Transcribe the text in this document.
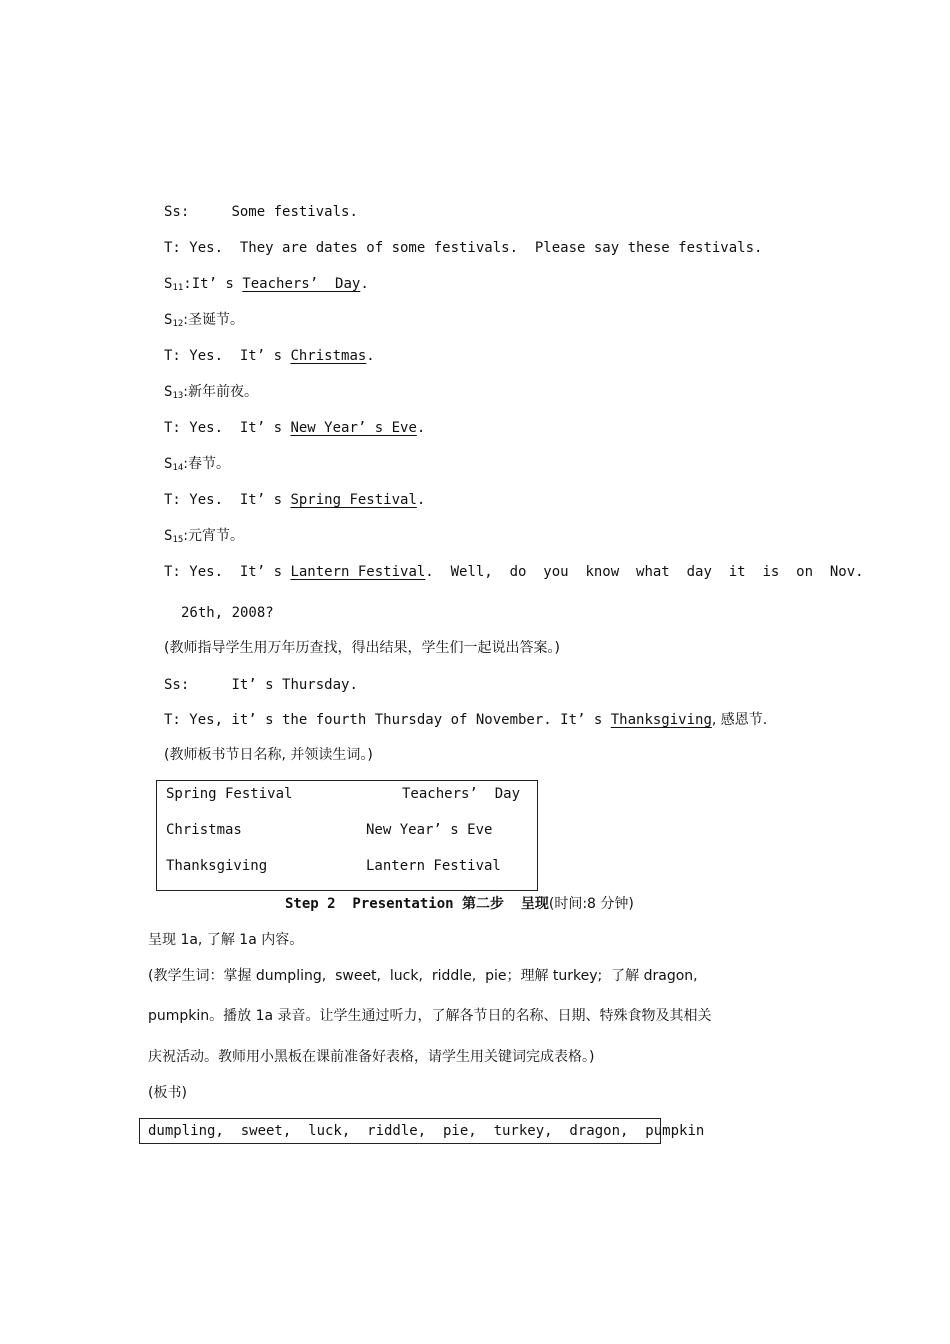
Ss:	Some festivals.
T: Yes.  They are dates of some festivals.  Please say these festivals.
$S_{11}:It$’ s Teachers’  Day.
$S_{12}$:圣诞节。
T: Yes.  It’ s Christmas.
$S_{13}$:新年前夜。
T: Yes.  It’ s New Year’ s Eve.
$S_{14}$:春节。
T: Yes.  It’ s Spring Festival.
$S_{15}$:元宵节。
T: Yes.  It’ s Lantern Festival.  Well,  do  you  know  what  day  it  is  on  Nov.
26th, 2008?
(教师指导学生用万年历查找，得出结果，学生们一起说出答案。)
Ss:	It’ s Thursday.
T: Yes, it’ s the fourth Thursday of November. It’ s Thanksgiving, 感恩节.
(教师板书节日名称, 并领读生词。)
Spring Festival	Teachers’  Day
Christmas	New Year’ s Eve
Thanksgiving	Lantern Festival
Step 2  Presentation 第二步  呈现(时间:8 分钟)
呈现 1a, 了解 1a 内容。
(教学生词：掌握 dumpling,  sweet,  luck,  riddle,  pie；理解 turkey;  了解 dragon,
pumpkin。播放 1a 录音。让学生通过听力，了解各节日的名称、日期、特殊食物及其相关
庆祝活动。教师用小黑板在课前准备好表格，请学生用关键词完成表格。)
(板书)
dumpling,  sweet,  luck,  riddle,  pie,  turkey,  dragon,  pumpkin
